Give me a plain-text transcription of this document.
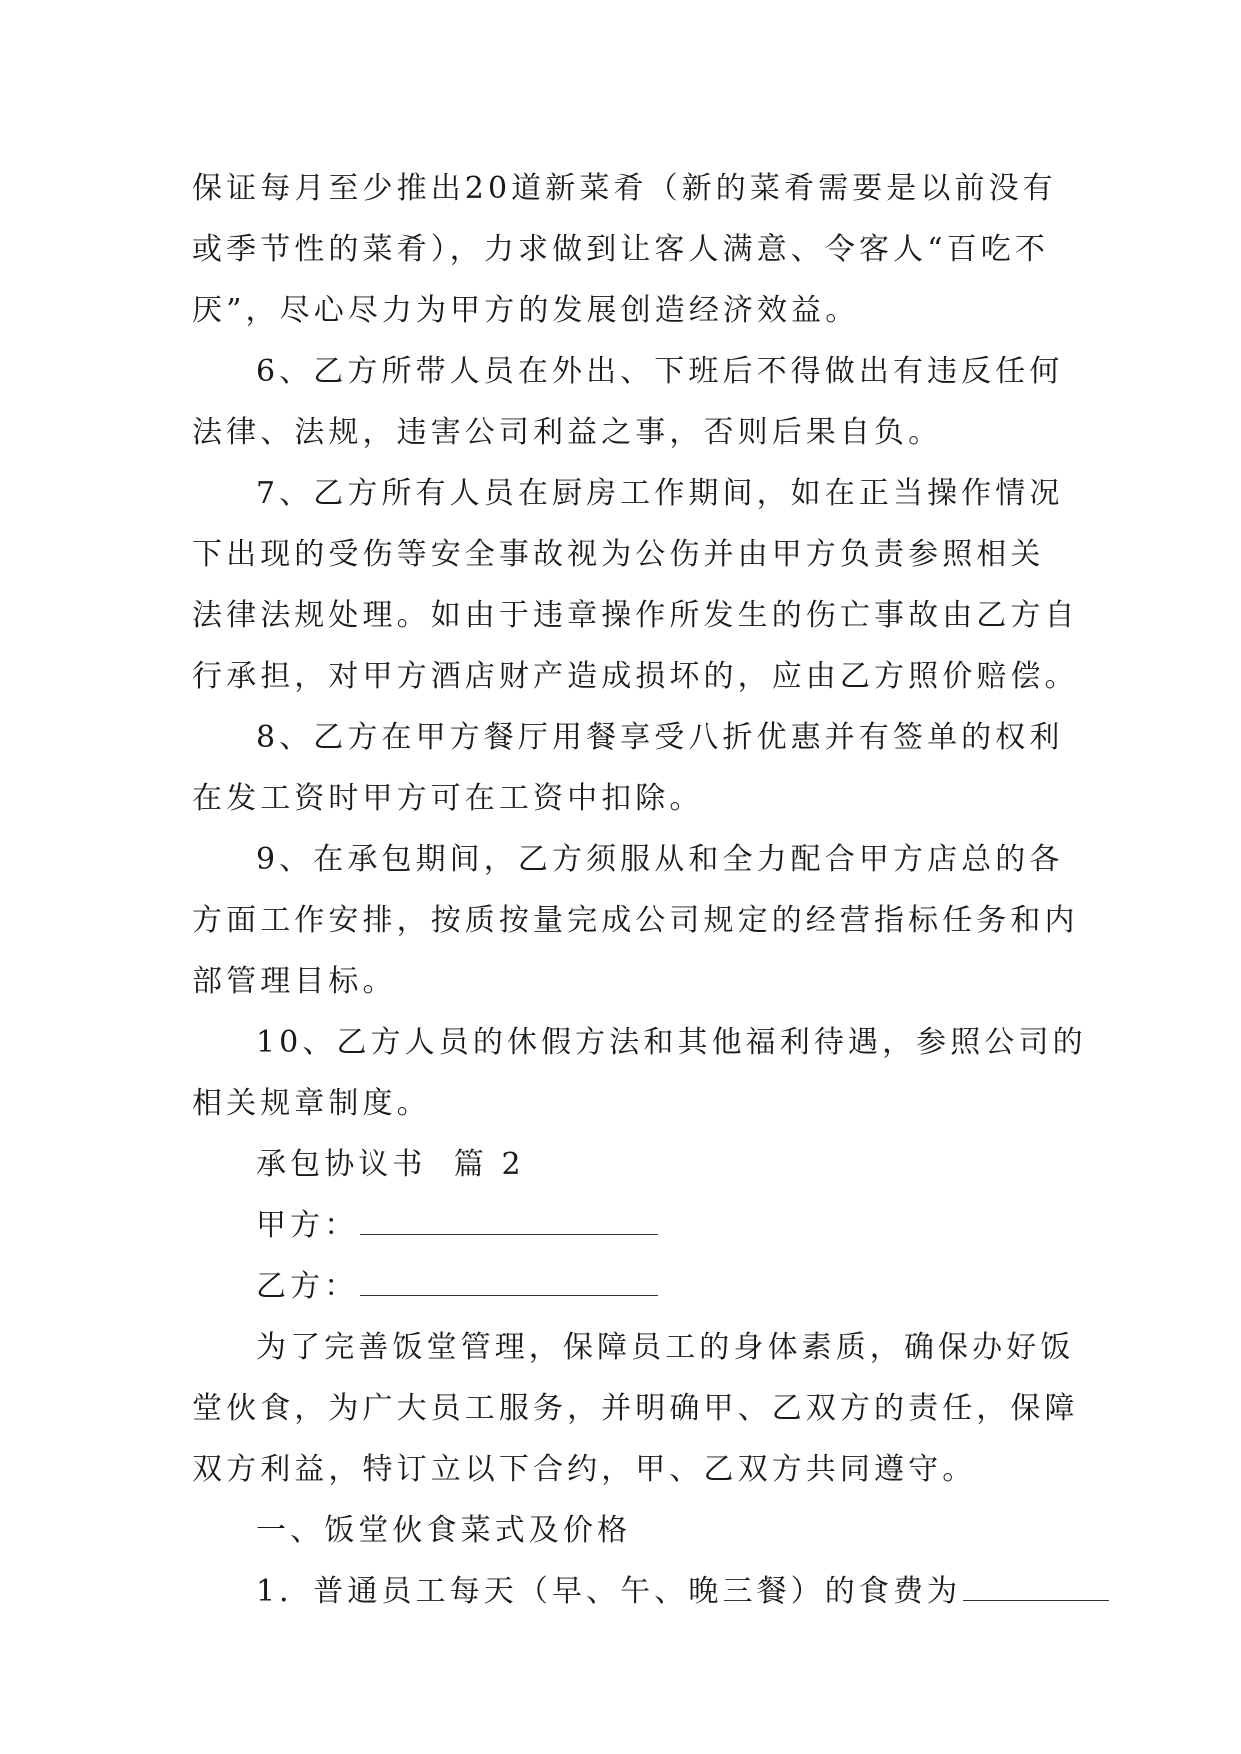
保证每月至少推出20道新菜肴（新的菜肴需要是以前没有
或季节性的菜肴），力求做到让客人满意、令客人“百吃不
厌”，尽心尽力为甲方的发展创造经济效益。
6、乙方所带人员在外出、下班后不得做出有违反任何
法律、法规，违害公司利益之事，否则后果自负。
7、乙方所有人员在厨房工作期间，如在正当操作情况
下出现的受伤等安全事故视为公伤并由甲方负责参照相关
法律法规处理。如由于违章操作所发生的伤亡事故由乙方自
行承担，对甲方酒店财产造成损坏的，应由乙方照价赔偿。
8、乙方在甲方餐厅用餐享受八折优惠并有签单的权利
在发工资时甲方可在工资中扣除。
9、在承包期间，乙方须服从和全力配合甲方店总的各
方面工作安排，按质按量完成公司规定的经营指标任务和内
部管理目标。
10、乙方人员的休假方法和其他福利待遇，参照公司的
相关规章制度。
承包协议书  篇 2
甲方：
乙方：
为了完善饭堂管理，保障员工的身体素质，确保办好饭
堂伙食，为广大员工服务，并明确甲、乙双方的责任，保障
双方利益，特订立以下合约，甲、乙双方共同遵守。
一、饭堂伙食菜式及价格
1．普通员工每天（早、午、晚三餐）的食费为
